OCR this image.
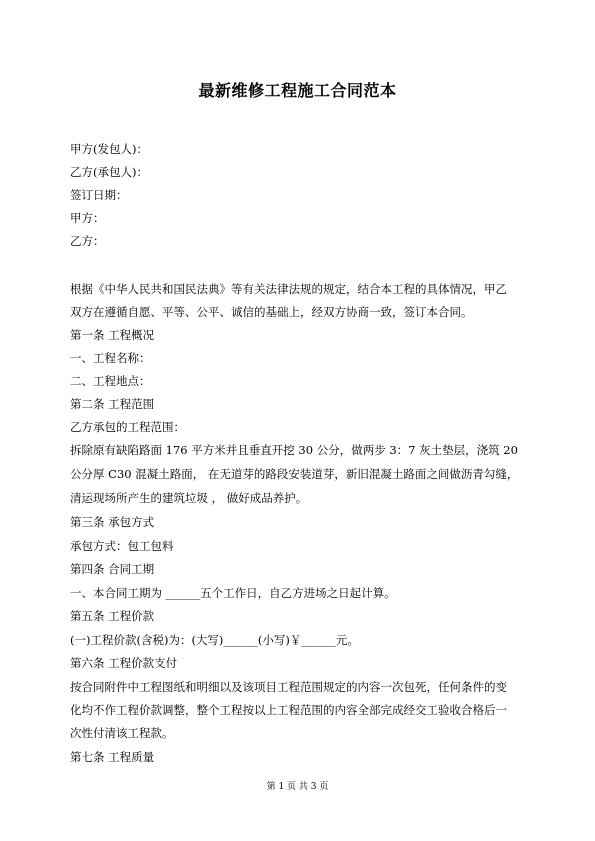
最新维修工程施工合同范本
甲方(发包人)：
乙方(承包人)：
签订日期：
甲方：
乙方：
根据《中华人民共和国民法典》等有关法律法规的规定，结合本工程的具体情况，甲乙
双方在遵循自愿、平等、公平、诚信的基础上，经双方协商一致，签订本合同。
第一条 工程概况
一、工程名称：
二、工程地点：
第二条 工程范围
乙方承包的工程范围：
拆除原有缺陷路面 176 平方米并且垂直开挖 30 公分，做两步 3：7 灰土垫层，浇筑 20
公分厚 C30 混凝土路面， 在无道芽的路段安装道芽，新旧混凝土路面之间做沥青勾缝，
清运现场所产生的建筑垃圾 ， 做好成品养护。
第三条 承包方式
承包方式：包工包料
第四条 合同工期
一、本合同工期为 ______五个工作日，自乙方进场之日起计算。
第五条 工程价款
(一)工程价款(含税)为：(大写)______(小写)￥______元。
第六条 工程价款支付
按合同附件中工程图纸和明细以及该项目工程范围规定的内容一次包死，任何条件的变
化均不作工程价款调整，整个工程按以上工程范围的内容全部完成经交工验收合格后一
次性付清该工程款。
第七条 工程质量
第 1 页 共 3 页
